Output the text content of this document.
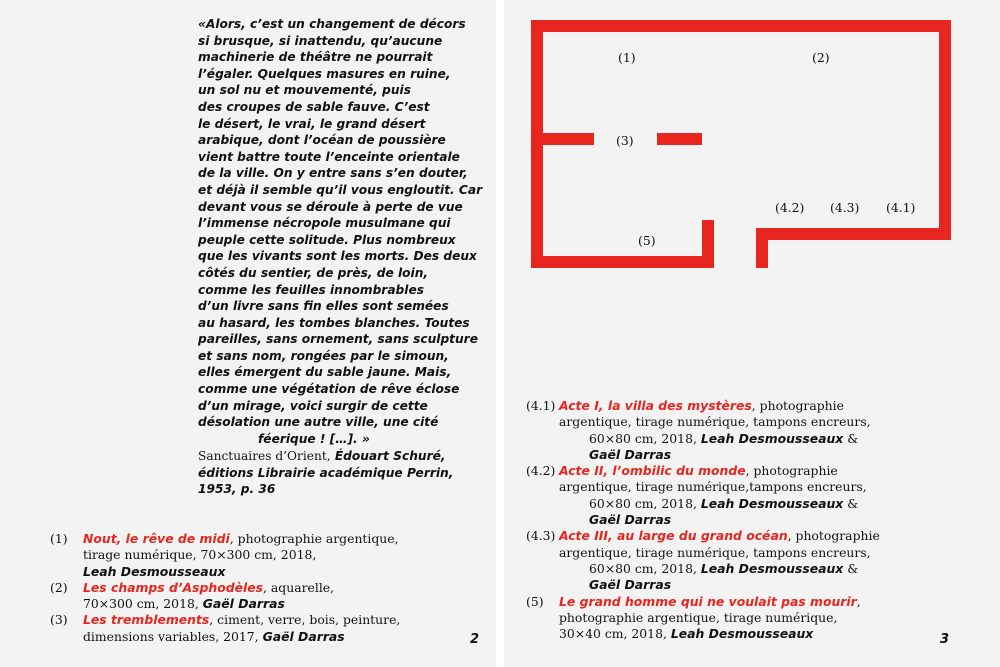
«Alors, c’est un changement de décors
si brusque, si inattendu, qu’aucune
machinerie de théâtre ne pourrait
l’égaler. Quelques masures en ruine,
un sol nu et mouvementé, puis
des croupes de sable fauve. C’est
le désert, le vrai, le grand désert
arabique, dont l’océan de poussière
vient battre toute l’enceinte orientale
de la ville. On y entre sans s’en douter,
et déjà il semble qu’il vous engloutit. Car
devant vous se déroule à perte de vue
l’immense nécropole musulmane qui
peuple cette solitude. Plus nombreux
que les vivants sont les morts. Des deux
côtés du sentier, de près, de loin,
comme les feuilles innombrables
d’un livre sans fin elles sont semées
au hasard, les tombes blanches. Toutes
pareilles, sans ornement, sans sculpture
et sans nom, rongées par le simoun,
elles émergent du sable jaune. Mais,
comme une végétation de rêve éclose
d’un mirage, voici surgir de cette
désolation une autre ville, une cité
féerique ! […]. »
Sanctuaires d’Orient, Édouart Schuré,
éditions Librairie académique Perrin,
1953, p. 36
(1) Nout, le rêve de midi, photographie argentique,
tirage numérique, 70×300 cm, 2018,
Leah Desmousseaux
(2) Les champs d’Asphodèles, aquarelle,
70×300 cm, 2018, Gaël Darras
(3) Les tremblements, ciment, verre, bois, peinture,
dimensions variables, 2017, Gaël Darras	2
(1)	(2)
(3)
(4.2) (4.3) (4.1)
(5)
(4.1) Acte I, la villa des mystères, photographie
argentique, tirage numérique, tampons encreurs,
60×80 cm, 2018, Leah Desmousseaux &
Gaël Darras
(4.2) Acte II, l’ombilic du monde, photographie
argentique, tirage numérique,tampons encreurs,
60×80 cm, 2018, Leah Desmousseaux &
Gaël Darras
(4.3) Acte III, au large du grand océan, photographie
argentique, tirage numérique, tampons encreurs,
60×80 cm, 2018, Leah Desmousseaux &
Gaël Darras
(5) Le grand homme qui ne voulait pas mourir,
photographie argentique, tirage numérique,
30×40 cm, 2018, Leah Desmousseaux	3
